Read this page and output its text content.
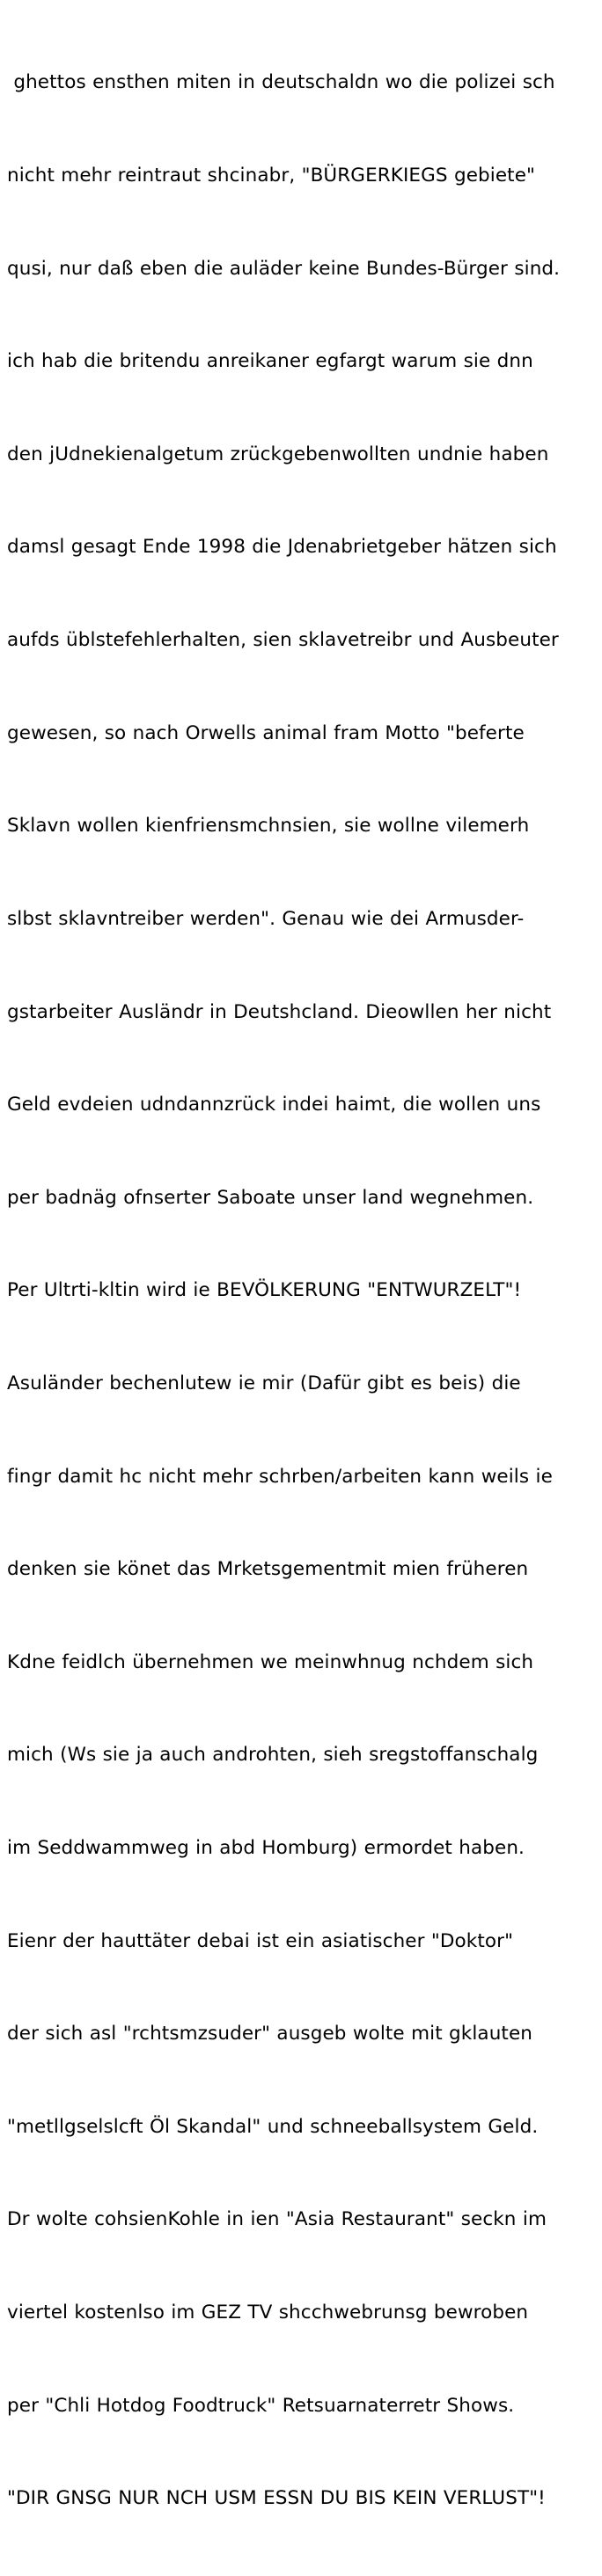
ghettos ensthen miten in deutschaldn wo die polizei sch

nicht mehr reintraut shcinabr, "BÜRGERKIEGS gebiete"

qusi, nur daß eben die auläder keine Bundes-Bürger sind.

ich hab die britendu anreikaner egfargt warum sie dnn

den jUdnekienalgetum zrückgebenwollten undnie haben

damsl gesagt Ende 1998 die Jdenabrietgeber hätzen sich

aufds üblstefehlerhalten, sien sklavetreibr und Ausbeuter

gewesen, so nach Orwells animal fram Motto "beferte

Sklavn wollen kienfriensmchnsien, sie wollne vilemerh

slbst sklavntreiber werden". Genau wie dei Armusder-

gstarbeiter Ausländr in Deutshcland. Dieowllen her nicht

Geld evdeien udndannzrück indei haimt, die wollen uns

per badnäg ofnserter Saboate unser land wegnehmen.

Per Ultrti-kltin wird ie BEVÖLKERUNG "ENTWURZELT"!

Asuländer bechenlutew ie mir (Dafür gibt es beis) die

fingr damit hc nicht mehr schrben/arbeiten kann weils ie

denken sie könet das Mrketsgementmit mien früheren

Kdne feidlch übernehmen we meinwhnug nchdem sich

mich (Ws sie ja auch androhten, sieh sregstoffanschalg

im Seddwammweg in abd Homburg) ermordet haben.

Eienr der hauttäter debai ist ein asiatischer "Doktor"

der sich asl "rchtsmzsuder" ausgeb wolte mit gklauten

"metllgselslcft Öl Skandal" und schneeballsystem Geld.

Dr wolte cohsienKohle in ien "Asia Restaurant" seckn im

viertel kostenlso im GEZ TV shcchwebrunsg bewroben

per "Chli Hotdog Foodtruck" Retsuarnaterretr Shows.

"DIR GNSG NUR NCH USM ESSN DU BIS KEIN VERLUST"!
